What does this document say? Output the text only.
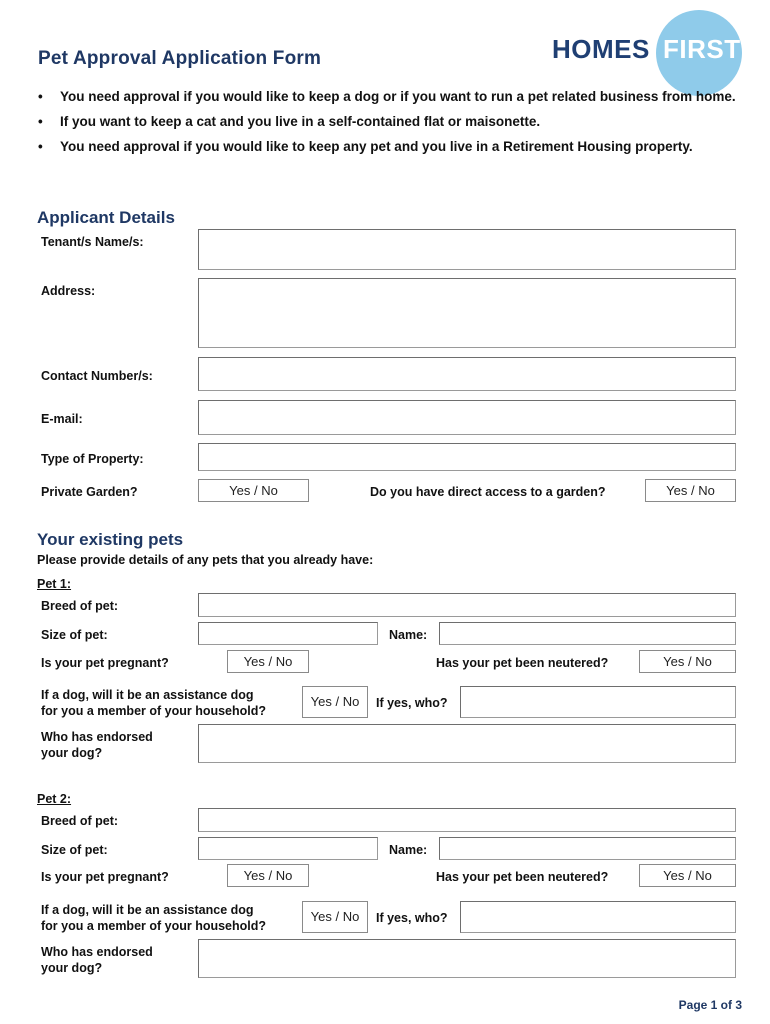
Pet Approval Application Form	HOMES FIRST
• You need approval if you would like to keep a dog or if you want to run a pet related business from home.
• If you want to keep a cat and you live in a self-contained flat or maisonette.
• You need approval if you would like to keep any pet and you live in a Retirement Housing property.
Applicant Details
Tenant/s Name/s:
Address:
Contact Number/s:
E-mail:
Type of Property:
Private Garden?	Yes / No	Do you have direct access to a garden?	Yes / No
Your existing pets
Please provide details of any pets that you already have:
Pet 1:
Breed of pet:
Size of pet:	Name:
Is your pet pregnant?	Yes / No	Has your pet been neutered?	Yes / No
If a dog, will it be an assistance dog
for you a member of your household?
Yes / No	If yes, who?
Who has endorsed
your dog?
Pet 2:
Breed of pet:
Size of pet:	Name:
Is your pet pregnant?	Yes / No	Has your pet been neutered?	Yes / No
If a dog, will it be an assistance dog
for you a member of your household?
Yes / No	If yes, who?
Who has endorsed
your dog?
Page 1 of 3
